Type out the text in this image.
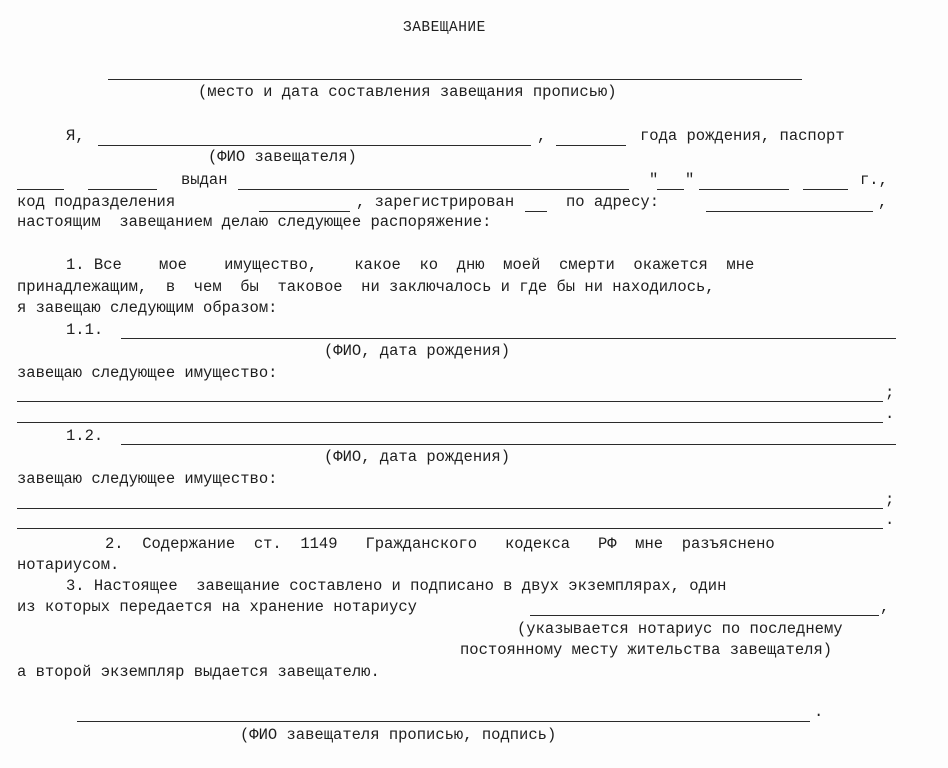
ЗАВЕЩАНИЕ
(место и дата составления завещания прописью)
Я,	,	года рождения, паспорт
(ФИО завещателя)
выдан	" "	г.,
код подразделения	, зарегистрирован	по адресу:	,
настоящим  завещанием делаю следующее распоряжение:
1. Все    мое    имущество,    какое  ко  дню  моей  смерти  окажется  мне
принадлежащим,  в  чем  бы  таковое  ни заключалось и где бы ни находилось,
я завещаю следующим образом:
1.1.
(ФИО, дата рождения)
завещаю следующее имущество:
;
.
1.2.
(ФИО, дата рождения)
завещаю следующее имущество:
;
.
2.  Содержание  ст.  1149   Гражданского   кодекса   РФ  мне  разъяснено
нотариусом.
3. Настоящее  завещание составлено и подписано в двух экземплярах, один
из которых передается на хранение нотариусу	,
(указывается нотариус по последнему
постоянному месту жительства завещателя)
а второй экземпляр выдается завещателю.
.
(ФИО завещателя прописью, подпись)
